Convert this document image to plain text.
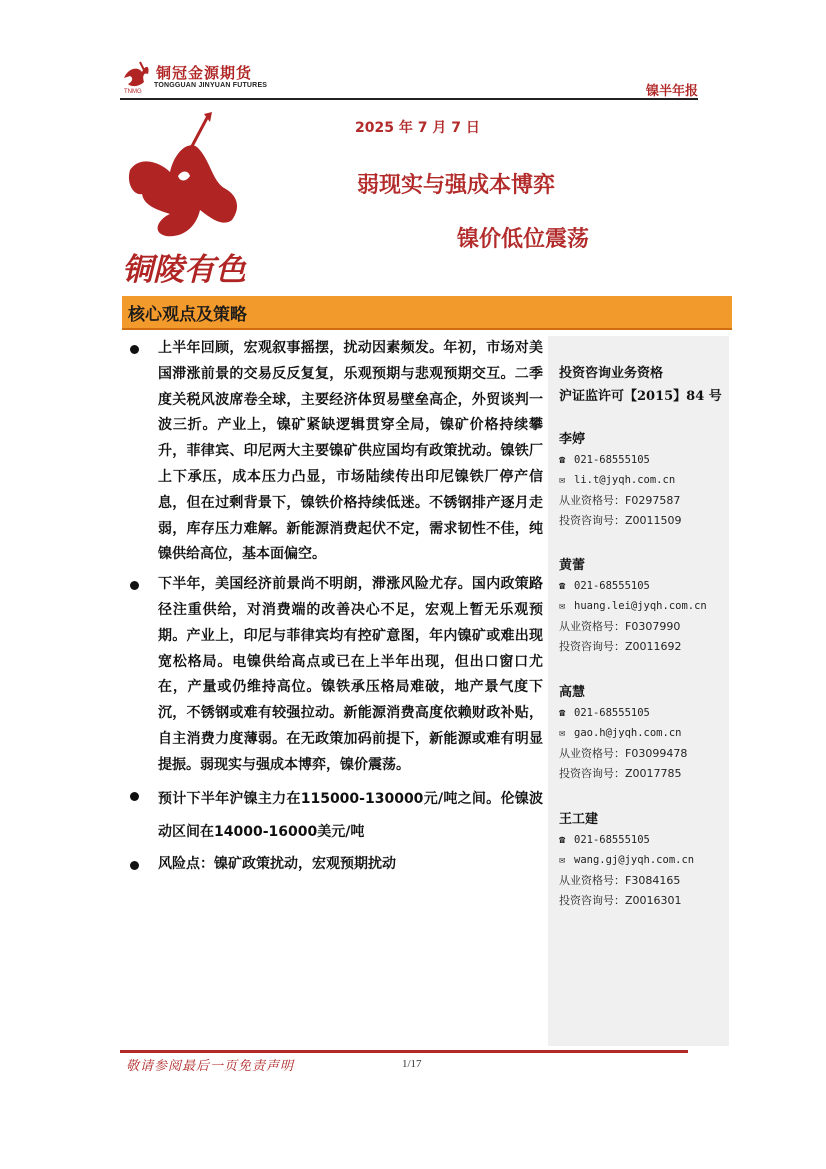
铜冠金源期货
TONGGUAN JINYUAN FUTURES
TNMG	镍半年报
铜陵有色
2025 年 7 月 7 日
弱现实与强成本博弈
镍价低位震荡
核心观点及策略
上半年回顾，宏观叙事摇摆，扰动因素频发。年初，市场对美国滞涨前景的交易反反复复，乐观预期与悲观预期交互。二季度关税风波席卷全球，主要经济体贸易壁垒高企，外贸谈判一波三折。产业上，镍矿紧缺逻辑贯穿全局，镍矿价格持续攀升，菲律宾、印尼两大主要镍矿供应国均有政策扰动。镍铁厂上下承压，成本压力凸显，市场陆续传出印尼镍铁厂停产信息，但在过剩背景下，镍铁价格持续低迷。不锈钢排产逐月走弱，库存压力难解。新能源消费起伏不定，需求韧性不佳，纯镍供给高位，基本面偏空。
下半年，美国经济前景尚不明朗，滞涨风险尤存。国内政策路径注重供给，对消费端的改善决心不足，宏观上暂无乐观预期。产业上，印尼与菲律宾均有控矿意图，年内镍矿或难出现宽松格局。电镍供给高点或已在上半年出现，但出口窗口尤在，产量或仍维持高位。镍铁承压格局难破，地产景气度下沉，不锈钢或难有较强拉动。新能源消费高度依赖财政补贴，自主消费力度薄弱。在无政策加码前提下，新能源或难有明显提振。弱现实与强成本博弈，镍价震荡。
预计下半年沪镍主力在115000-130000元/吨之间。伦镍波动区间在14000-16000美元/吨
风险点：镍矿政策扰动，宏观预期扰动
投资咨询业务资格
沪证监许可【2015】84 号
李婷
☎ 021-68555105
✉ li.t@jyqh.com.cn
从业资格号：F0297587
投资咨询号：Z0011509
黄蕾
☎ 021-68555105
✉ huang.lei@jyqh.com.cn
从业资格号：F0307990
投资咨询号：Z0011692
高慧
☎ 021-68555105
✉ gao.h@jyqh.com.cn
从业资格号：F03099478
投资咨询号：Z0017785
王工建
☎ 021-68555105
✉ wang.gj@jyqh.com.cn
从业资格号：F3084165
投资咨询号：Z0016301
敬请参阅最后一页免责声明	1/17
